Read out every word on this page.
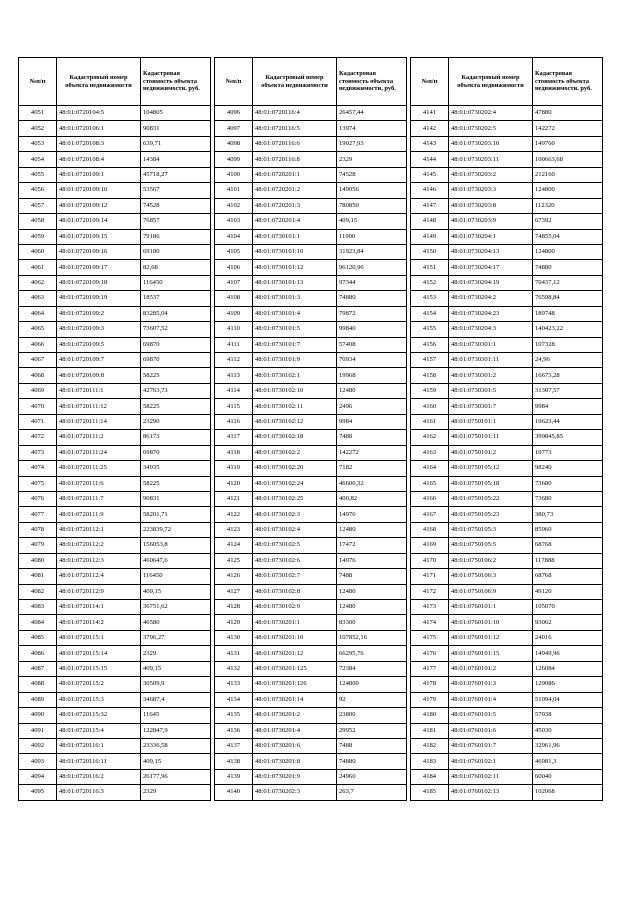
№п/п	Кадастровый номер объекта недвижимости	Кадастровая стоимость объекта недвижимости, руб.
4051	48:01:0720104:5	104805
4052	48:01:0720106:1	90831
4053	48:01:0720108:3	639,71
4054	48:01:0720108:4	14384
4055	48:01:0720109:1	45718,27
4056	48:01:0720109:10	53567
4057	48:01:0720109:12	74528
4058	48:01:0720109:14	76857
4059	48:01:0720109:15	79186
4060	48:01:0720109:16	69180
4061	48:01:0720109:17	82,68
4062	48:01:0720109:18	116450
4063	48:01:0720109:19	18537
4064	48:01:0720109:2	83285,04
4065	48:01:0720109:3	73607,52
4066	48:01:0720109:5	69870
4067	48:01:0720109:7	69870
4068	48:01:0720109:8	58225
4069	48:01:0720111:1	42763,73
4070	48:01:0720111:12	58225
4071	48:01:0720111:14	23290
4072	48:01:0720111:2	86173
4073	48:01:0720111:24	69870
4074	48:01:0720111:25	34935
4075	48:01:0720111:6	58225
4076	48:01:0720111:7	90831
4077	48:01:0720111:9	58201,71
4078	48:01:0720112:1	223839,72
4079	48:01:0720112:2	156053,8
4080	48:01:0720112:3	460647,6
4081	48:01:0720112:4	116450
4082	48:01:0720112:9	409,15
4083	48:01:0720114:1	36751,62
4084	48:01:0720114:2	46580
4085	48:01:0720115:1	3796,27
4086	48:01:0720115:14	2329
4087	48:01:0720115:15	409,15
4088	48:01:0720115:2	30509,9
4089	48:01:0720115:3	34687,4
4090	48:01:0720115:32	11645
4091	48:01:0720115:4	122847,9
4092	48:01:0720116:1	23336,58
4093	48:01:0720116:11	409,15
4094	48:01:0720116:2	26177,96
4095	48:01:0720116:3	2329
№п/п	Кадастровый номер объекта недвижимости	Кадастровая стоимость объекта недвижимости, руб.
4096	48:01:0720116:4	26457,44
4097	48:01:0720116:5	13974
4098	48:01:0720116:6	19027,93
4099	48:01:0720116:8	2329
4100	48:01:0720201:1	74528
4101	48:01:0720201:2	149056
4102	48:01:0720201:3	780850
4103	48:01:0720201:4	409,15
4104	48:01:0730101:1	11900
4105	48:01:0730101:10	31923,84
4106	48:01:0730101:12	96120,96
4107	48:01:0730101:13	97344
4108	48:01:0730101:3	74880
4109	48:01:0730101:4	79872
4110	48:01:0730101:5	99840
4111	48:01:0730101:7	57408
4112	48:01:0730101:9	70934
4113	48:01:0730102:1	19968
4114	48:01:0730102:10	12480
4115	48:01:0730102:11	2496
4116	48:01:0730102:12	9984
4117	48:01:0730102:18	7488
4118	48:01:0730102:2	142272
4119	48:01:0730102:20	7182
4120	48:01:0730102:24	46600,32
4121	48:01:0730102:25	400,82
4122	48:01:0730102:3	14976
4123	48:01:0730102:4	12480
4124	48:01:0730102:5	17472
4125	48:01:0730102:6	14976
4126	48:01:0730102:7	7488
4127	48:01:0730102:8	12480
4128	48:01:0730102:9	12480
4129	48:01:0730201:1	83300
4130	48:01:0730201:10	107852,16
4131	48:01:0730201:12	66295,76
4132	48:01:0730201:125	72384
4133	48:01:0730201:126	124800
4134	48:01:0730201:14	92
4135	48:01:0730201:2	23800
4136	48:01:0730201:4	29952
4137	48:01:0730201:6	7488
4138	48:01:0730201:8	74880
4139	48:01:0730201:9	24960
4140	48:01:0730202:3	263,7
№п/п	Кадастровый номер объекта недвижимости	Кадастровая стоимость объекта недвижимости, руб.
4141	48:01:0730202:4	47880
4142	48:01:0730202:5	142272
4143	48:01:0730203:10	149760
4144	48:01:0730203:11	100663,68
4145	48:01:0730203:2	212160
4146	48:01:0730203:3	124800
4147	48:01:0730203:8	112320
4148	48:01:0730203:9	67392
4149	48:01:0730204:1	74855,04
4150	48:01:0730204:13	124800
4151	48:01:0730204:17	74880
4152	48:01:0730204:19	70437,12
4153	48:01:0730204:2	76598,84
4154	48:01:0730204:23	189748
4155	48:01:0730204:3	140423,22
4156	48:01:0730301:1	107328
4157	48:01:0730301:11	24,96
4158	48:01:0730301:2	16673,28
4159	48:01:0730301:5	31307,57
4160	48:01:0730301:7	9984
4161	48:01:0750101:1	19623,44
4162	48:01:0750101:11	399845,85
4163	48:01:0750101:2	19773
4164	48:01:0750105:12	98240
4165	48:01:0750105:18	73680
4166	48:01:0750105:22	73680
4167	48:01:0750105:23	380,73
4168	48:01:0750105:3	85960
4169	48:01:0750105:5	68768
4170	48:01:0750106:2	117888
4171	48:01:0750106:3	68768
4172	48:01:0750106:9	49120
4173	48:01:0760101:1	105070
4174	48:01:0760101:10	93062
4175	48:01:0760101:12	24016
4176	48:01:0760101:15	14949,96
4177	48:01:0760101:2	126084
4178	48:01:0760101:3	129086
4179	48:01:0760101:4	51094,04
4180	48:01:0760101:5	57038
4181	48:01:0760101:6	45030
4182	48:01:0760101:7	32961,96
4183	48:01:0760102:1	46981,3
4184	48:01:0760102:11	60040
4185	48:01:0760102:13	102068
